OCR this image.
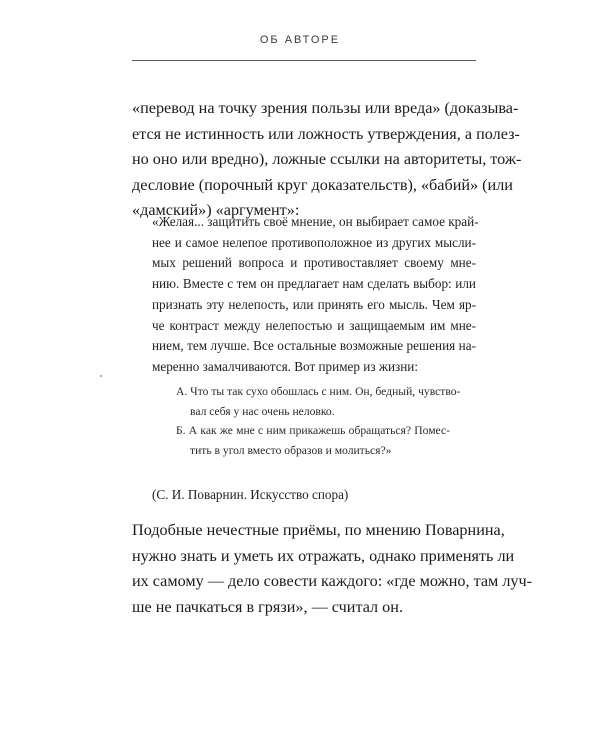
ОБ АВТОРЕ
«перевод на точку зрения пользы или вреда» (доказыва-
ется не истинность или ложность утверждения, а полез-
но оно или вредно), ложные ссылки на авторитеты, тож-
десловие (порочный круг доказательств), «бабий» (или
«дамский») «аргумент»:
«Желая... защитить своё мнение, он выбирает самое край-
нее и самое нелепое противоположное из других мысли-
мых решений вопроса и противоставляет своему мне-
нию. Вместе с тем он предлагает нам сделать выбор: или
признать эту нелепость, или принять его мысль. Чем яр-
че контраст между нелепостью и защищаемым им мне-
нием, тем лучше. Все остальные возможные решения на-
меренно замалчиваются. Вот пример из жизни:
А. Что ты так сухо обошлась с ним. Он, бедный, чувство-
вал себя у нас очень неловко.
Б. А как же мне с ним прикажешь обращаться? Помес-
тить в угол вместо образов и молиться?»
(С. И. Поварнин. Искусство спора)
Подобные нечестные приёмы, по мнению Поварнина,
нужно знать и уметь их отражать, однако применять ли
их самому — дело совести каждого: «где можно, там луч-
ше не пачкаться в грязи», — считал он.
